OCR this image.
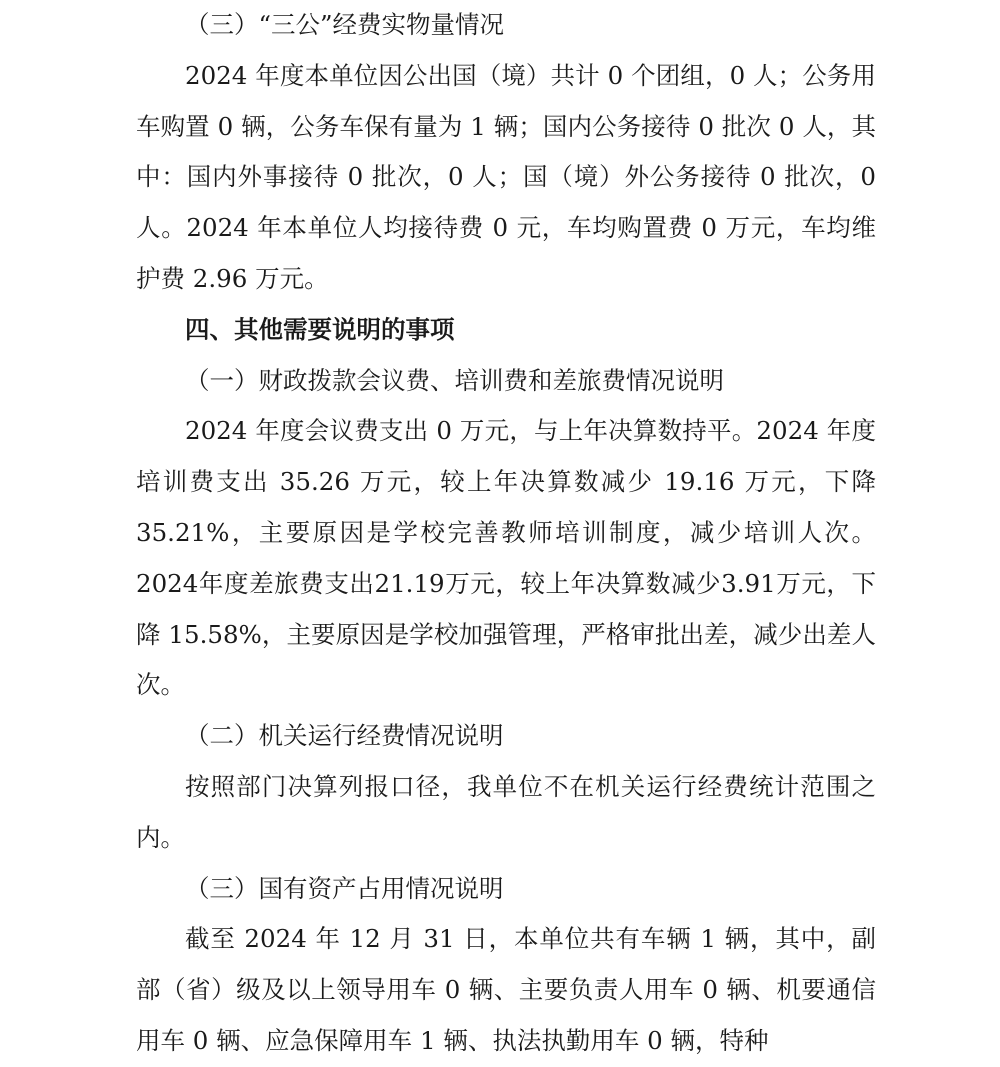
（三）“三公”经费实物量情况

2024 年度本单位因公出国（境）共计 0 个团组，0 人；公务用车购置 0 辆，公务车保有量为 1 辆；国内公务接待 0 批次 0 人，其中：国内外事接待 0 批次，0 人；国（境）外公务接待 0 批次，0 人。2024 年本单位人均接待费 0 元，车均购置费 0 万元，车均维护费 2.96 万元。

四、其他需要说明的事项

（一）财政拨款会议费、培训费和差旅费情况说明

2024 年度会议费支出 0 万元，与上年决算数持平。2024 年度培训费支出 35.26 万元，较上年决算数减少 19.16 万元，下降 35.21%，主要原因是学校完善教师培训制度，减少培训人次。2024年度差旅费支出21.19万元，较上年决算数减少3.91万元，下降 15.58%，主要原因是学校加强管理，严格审批出差，减少出差人次。

（二）机关运行经费情况说明

按照部门决算列报口径，我单位不在机关运行经费统计范围之内。

（三）国有资产占用情况说明

截至 2024 年 12 月 31 日，本单位共有车辆 1 辆，其中，副部（省）级及以上领导用车 0 辆、主要负责人用车 0 辆、机要通信用车 0 辆、应急保障用车 1 辆、执法执勤用车 0 辆，特种
